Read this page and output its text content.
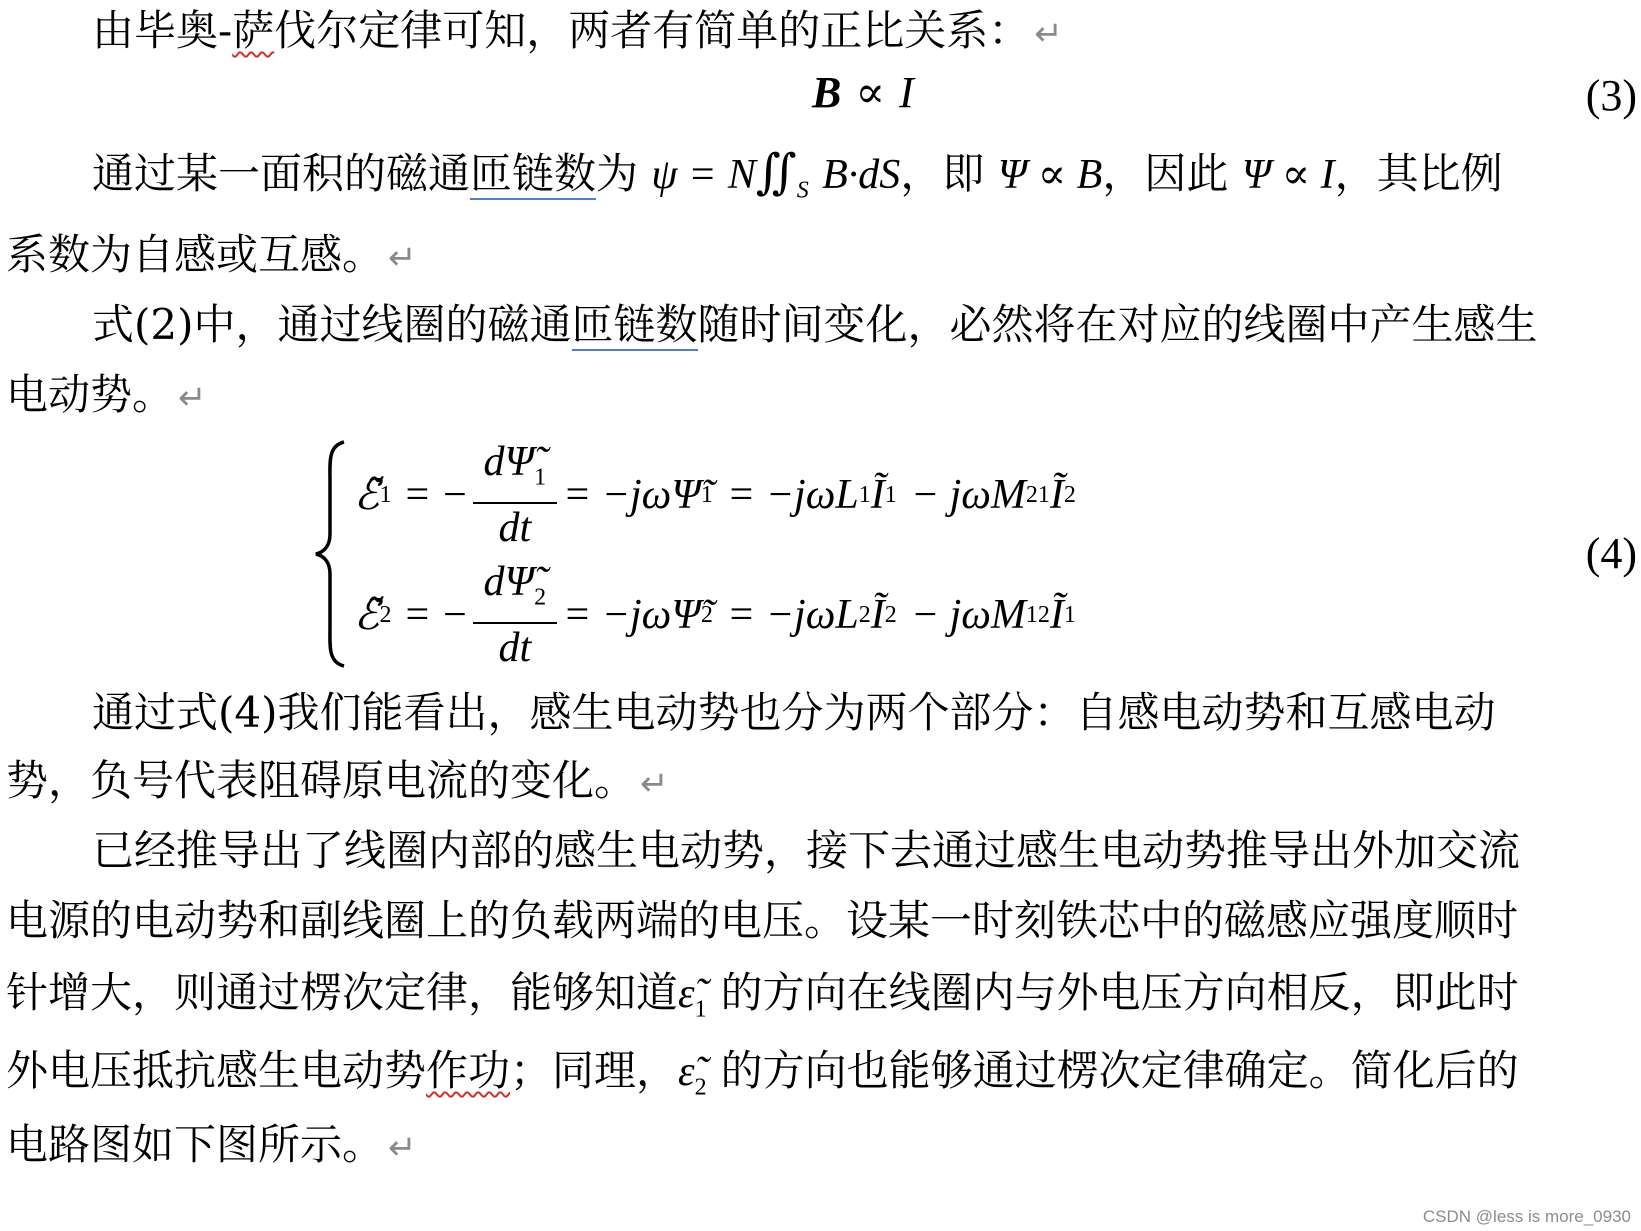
由毕奥-萨伐尔定律可知，两者有简单的正比关系： ↵
B ∝ I	(3)
通过某一面积的磁通匝链数为 $\psi = N∬_S$ B·dS，即 Ψ ∝ B，因此 Ψ ∝ I，其比例
系数为自感或互感。 ↵
式(2)中，通过线圈的磁通匝链数随时间变化，必然将在对应的线圈中产生感生
电动势。 ↵
ℰ̃ 1 = − $\frac{d\Psĩ_1}{dt}$ = −jωΨ̃ 1 = −jωL 1 Ĩ 1 − jωM 21 Ĩ 2
ℰ̃ 2 = − $\frac{d\Psĩ_2}{dt}$ = −jωΨ̃ 2 = −jωL 2 Ĩ 2 − jωM 12 Ĩ 1
(4)
通过式(4)我们能看出，感生电动势也分为两个部分：自感电动势和互感电动
势，负号代表阻碍原电流的变化。 ↵
已经推导出了线圈内部的感生电动势，接下去通过感生电动势推导出外加交流
电源的电动势和副线圈上的负载两端的电压。设某一时刻铁芯中的磁感应强度顺时
针增大，则通过楞次定律，能够知道$\varepsiloñ_1$ 的方向在线圈内与外电压方向相反，即此时
外电压抵抗感生电动势作功；同理，$\varepsiloñ_2$ 的方向也能够通过楞次定律确定。简化后的
电路图如下图所示。 ↵
CSDN @less is more_0930
